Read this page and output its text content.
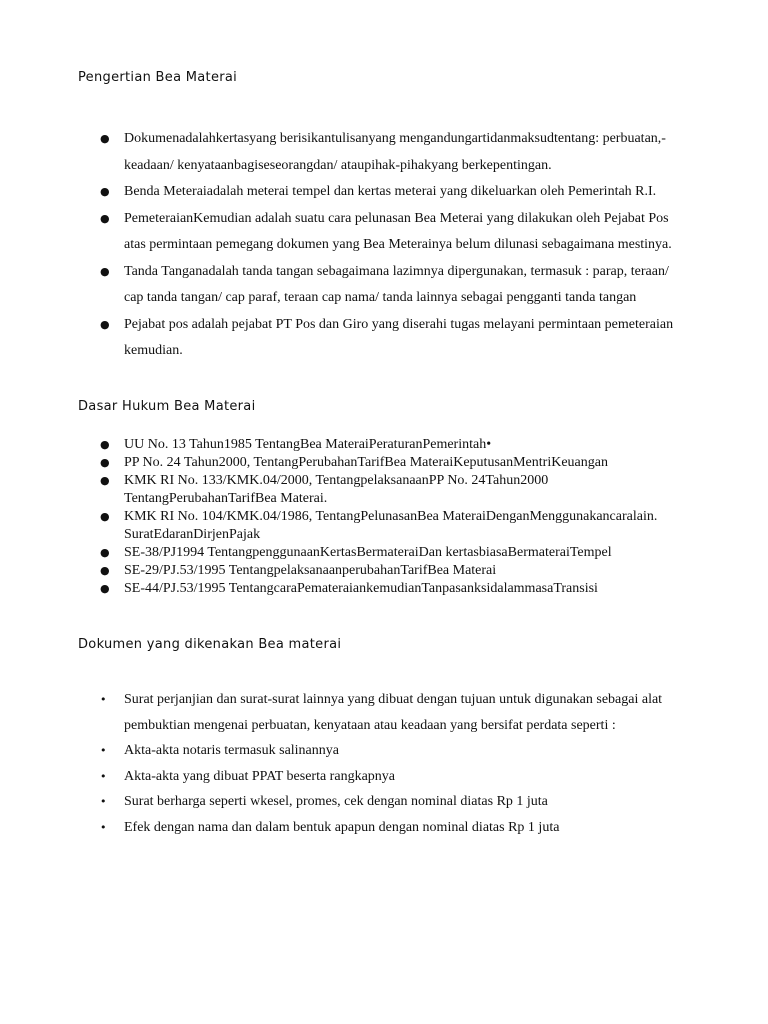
Pengertian Bea Materai
● Dokumenadalahkertasyang berisikantulisanyang mengandungartidanmaksudtentang: perbuatan,-
keadaan/ kenyataanbagiseseorangdan/ ataupihak-pihakyang berkepentingan.
● Benda Meteraiadalah meterai tempel dan kertas meterai yang dikeluarkan oleh Pemerintah R.I.
● PemeteraianKemudian adalah suatu cara pelunasan Bea Meterai yang dilakukan oleh Pejabat Pos
atas permintaan pemegang dokumen yang Bea Meterainya belum dilunasi sebagaimana mestinya.
● Tanda Tanganadalah tanda tangan sebagaimana lazimnya dipergunakan, termasuk : parap, teraan/
cap tanda tangan/ cap paraf, teraan cap nama/ tanda lainnya sebagai pengganti tanda tangan
● Pejabat pos adalah pejabat PT Pos dan Giro yang diserahi tugas melayani permintaan pemeteraian
kemudian.
Dasar Hukum Bea Materai
● UU No. 13 Tahun1985 TentangBea MateraiPeraturanPemerintah•
● PP No. 24 Tahun2000, TentangPerubahanTarifBea MateraiKeputusanMentriKeuangan
● KMK RI No. 133/KMK.04/2000, TentangpelaksanaanPP No. 24Tahun2000
TentangPerubahanTarifBea Materai.
● KMK RI No. 104/KMK.04/1986, TentangPelunasanBea MateraiDenganMenggunakancaralain.
SuratEdaranDirjenPajak
● SE-38/PJ1994 TentangpenggunaanKertasBermateraiDan kertasbiasaBermateraiTempel
● SE-29/PJ.53/1995 TentangpelaksanaanperubahanTarifBea Materai
● SE-44/PJ.53/1995 TentangcaraPemateraiankemudianTanpasanksidalammasaTransisi
Dokumen yang dikenakan Bea materai
• Surat perjanjian dan surat-surat lainnya yang dibuat dengan tujuan untuk digunakan sebagai alat
pembuktian mengenai perbuatan, kenyataan atau keadaan yang bersifat perdata seperti :
• Akta-akta notaris termasuk salinannya
• Akta-akta yang dibuat PPAT beserta rangkapnya
• Surat berharga seperti wkesel, promes, cek dengan nominal diatas Rp 1 juta
• Efek dengan nama dan dalam bentuk apapun dengan nominal diatas Rp 1 juta
